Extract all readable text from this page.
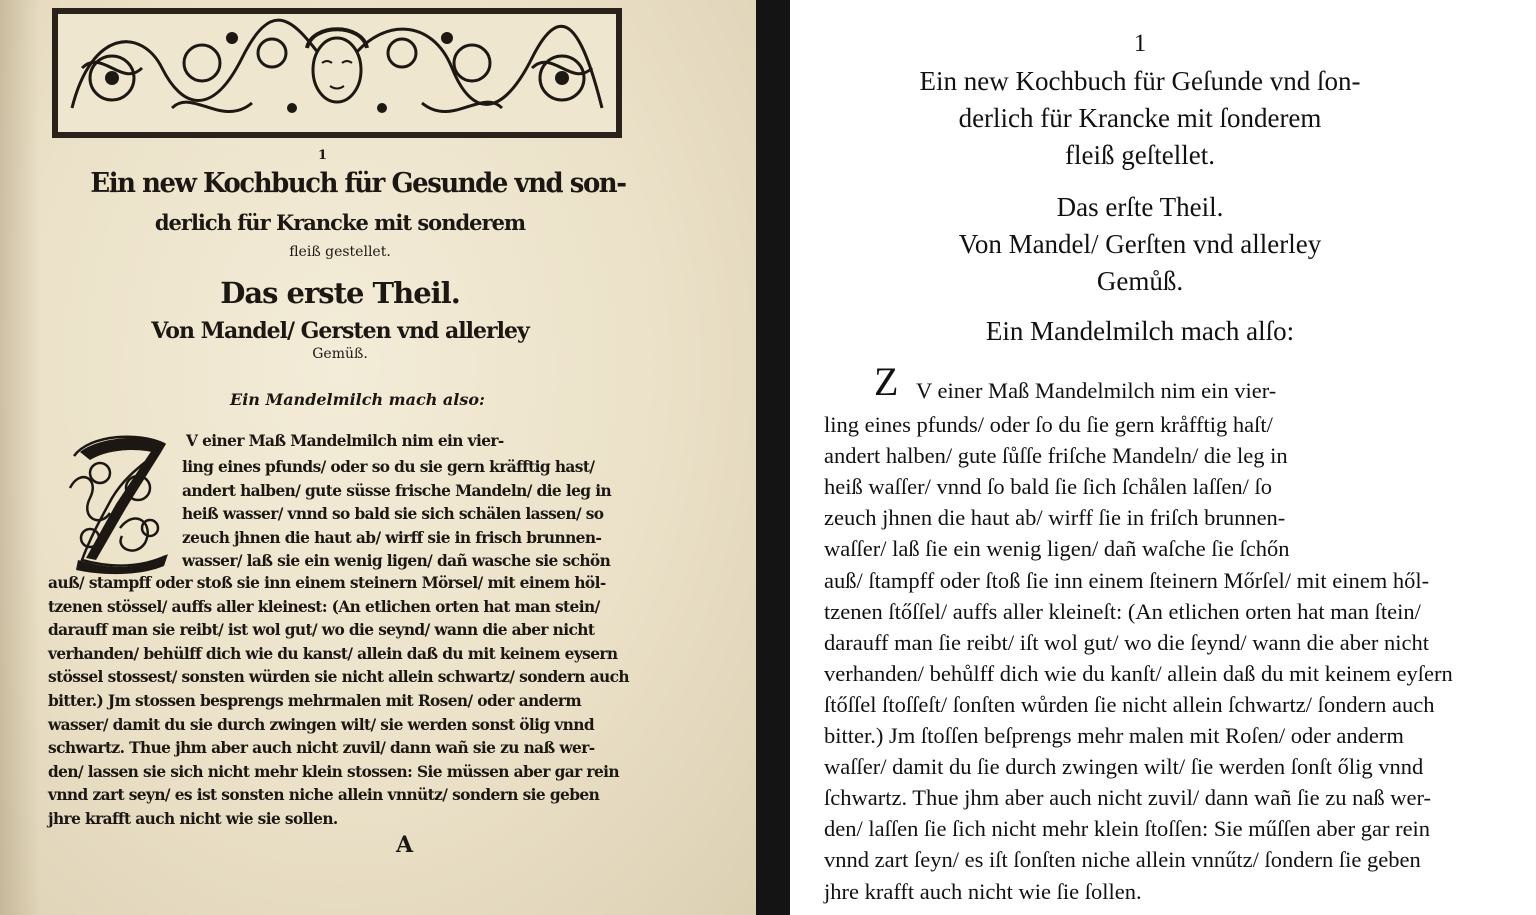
1
Ein new Kochbuch für Gesunde vnd son-
derlich für Krancke mit sonderem
fleiß gestellet.
Das erste Theil.
Von Mandel/ Gersten vnd allerley
Gemüß.
Ein Mandelmilch mach also:
V einer Maß Mandelmilch nim ein vier-
ling eines pfunds/ oder so du sie gern kräfftig hast/
andert halben/ gute süsse frische Mandeln/ die leg in
heiß wasser/ vnnd so bald sie sich schälen lassen/ so
zeuch jhnen die haut ab/ wirff sie in frisch brunnen-
wasser/ laß sie ein wenig ligen/ dañ wasche sie schön
auß/ stampff oder stoß sie inn einem steinern Mörsel/ mit einem höl-
tzenen stössel/ auffs aller kleinest: (An etlichen orten hat man stein/
darauff man sie reibt/ ist wol gut/ wo die seynd/ wann die aber nicht
verhanden/ behülff dich wie du kanst/ allein daß du mit keinem eysern
stössel stossest/ sonsten würden sie nicht allein schwartz/ sondern auch
bitter.) Jm stossen besprengs mehrmalen mit Rosen/ oder anderm
wasser/ damit du sie durch zwingen wilt/ sie werden sonst ölig vnnd
schwartz. Thue jhm aber auch nicht zuvil/ dann wañ sie zu naß wer-
den/ lassen sie sich nicht mehr klein stossen: Sie müssen aber gar rein
vnnd zart seyn/ es ist sonsten niche allein vnnütz/ sondern sie geben
jhre krafft auch nicht wie sie sollen.
A
1
Ein new Kochbuch für Geſunde vnd ſon-
derlich für Krancke mit ſonderem
fleiß geſtellet.
Das erſte Theil.
Von Mandel/ Gerſten vnd allerley
Gemůß.
Ein Mandelmilch mach alſo:
Z V einer Maß Mandelmilch nim ein vier-
ling eines pfunds/ oder ſo du ſie gern kråfftig haſt/
andert halben/ gute ſůſſe friſche Mandeln/ die leg in
heiß waſſer/ vnnd ſo bald ſie ſich ſchålen laſſen/ ſo
zeuch jhnen die haut ab/ wirff ſie in friſch brunnen-
waſſer/ laß ſie ein wenig ligen/ dañ waſche ſie ſchőn
auß/ ſtampff oder ſtoß ſie inn einem ſteinern Mőrſel/ mit einem hől-
tzenen ſtőſſel/ auffs aller kleineſt: (An etlichen orten hat man ſtein/
darauff man ſie reibt/ iſt wol gut/ wo die ſeynd/ wann die aber nicht
verhanden/ behůlff dich wie du kanſt/ allein daß du mit keinem eyſern
ſtőſſel ſtoſſeſt/ ſonſten wůrden ſie nicht allein ſchwartz/ ſondern auch
bitter.) Jm ſtoſſen beſprengs mehr malen mit Roſen/ oder anderm
waſſer/ damit du ſie durch zwingen wilt/ ſie werden ſonſt őlig vnnd
ſchwartz. Thue jhm aber auch nicht zuvil/ dann wañ ſie zu naß wer-
den/ laſſen ſie ſich nicht mehr klein ſtoſſen: Sie műſſen aber gar rein
vnnd zart ſeyn/ es iſt ſonſten niche allein vnnűtz/ ſondern ſie geben
jhre krafft auch nicht wie ſie ſollen.
